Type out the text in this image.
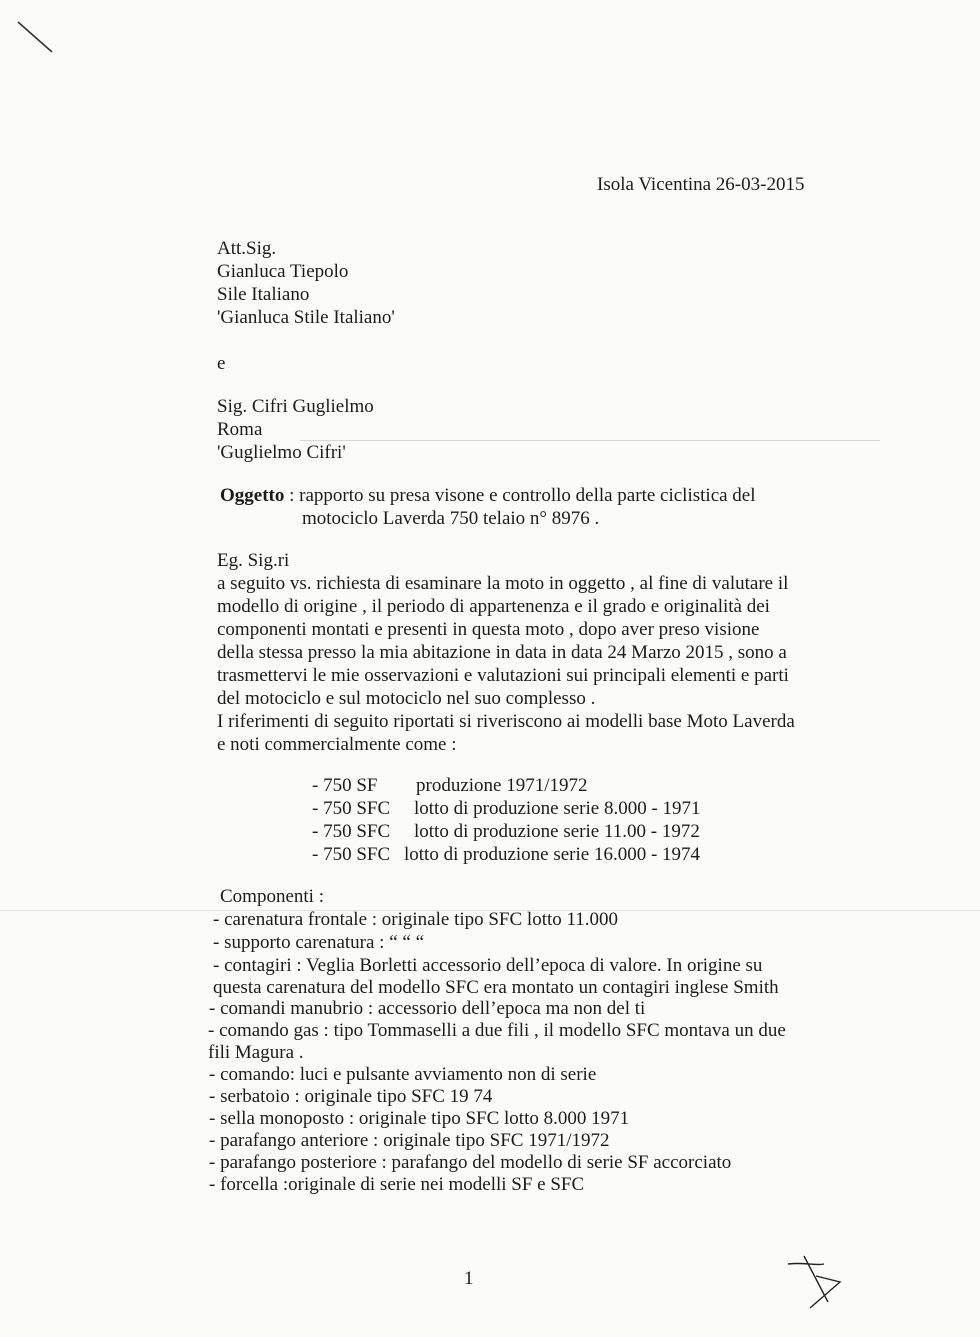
Isola Vicentina 26-03-2015
Att.Sig.
Gianluca Tiepolo
Sile Italiano
'Gianluca Stile Italiano'
e
Sig. Cifri Guglielmo
Roma
'Guglielmo Cifri'
Oggetto : rapporto su presa visone e controllo della parte ciclistica del
motociclo Laverda 750 telaio n° 8976 .
Eg. Sig.ri
a seguito vs. richiesta di esaminare la moto in oggetto , al fine di valutare il
modello di origine , il periodo di appartenenza e il grado e originalità dei
componenti montati e presenti in questa moto , dopo aver preso visione
della stessa presso la mia abitazione in data in data 24 Marzo 2015 , sono a
trasmettervi le mie osservazioni e valutazioni sui principali elementi e parti
del motociclo e sul motociclo nel suo complesso .
I riferimenti di seguito riportati si riveriscono ai modelli base Moto Laverda
e noti commercialmente come :
- 750 SF produzione 1971/1972
- 750 SFC lotto di produzione serie 8.000 - 1971
- 750 SFC lotto di produzione serie 11.00 - 1972
- 750 SFC lotto di produzione serie 16.000 - 1974
Componenti :
- carenatura frontale : originale tipo SFC lotto 11.000
- supporto carenatura : “ “ “
- contagiri : Veglia Borletti accessorio dell’epoca di valore. In origine su
questa carenatura del modello SFC era montato un contagiri inglese Smith
- comandi manubrio : accessorio dell’epoca ma non del ti
- comando gas : tipo Tommaselli a due fili , il modello SFC montava un due
fili Magura .
- comando: luci e pulsante avviamento non di serie
- serbatoio : originale tipo SFC 19 74
- sella monoposto : originale tipo SFC lotto 8.000 1971
- parafango anteriore : originale tipo SFC 1971/1972
- parafango posteriore : parafango del modello di serie SF accorciato
- forcella :originale di serie nei modelli SF e SFC
1
